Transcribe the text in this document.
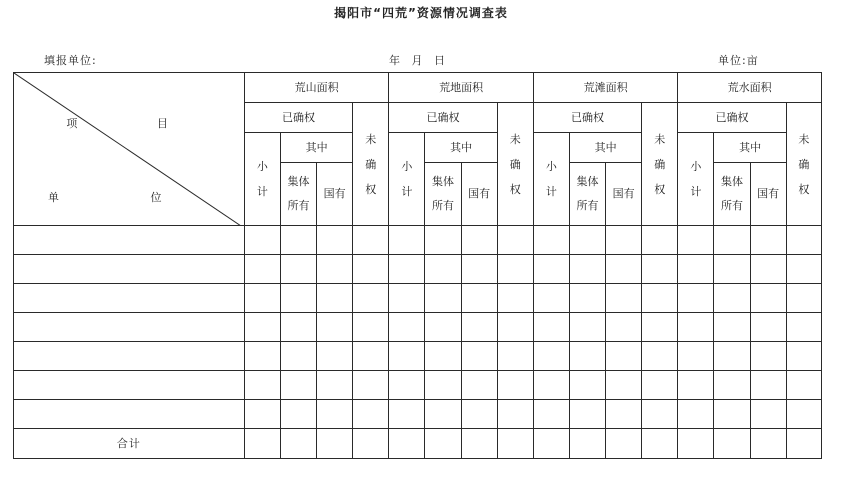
揭阳市“四荒”资源情况调查表
填报单位:	年 月 日	单位:亩
项 目
单 位	荒山面积				荒地面积				荒滩面积				荒水面积			
	已确权			未确权	已确权			未确权	已确权			未确权	已确权			未确权
	小计	其中			小计	其中			小计	其中			小计	其中		
		集体所有	国有			集体所有	国有			集体所有	国有			集体所有	国有	

合计																
